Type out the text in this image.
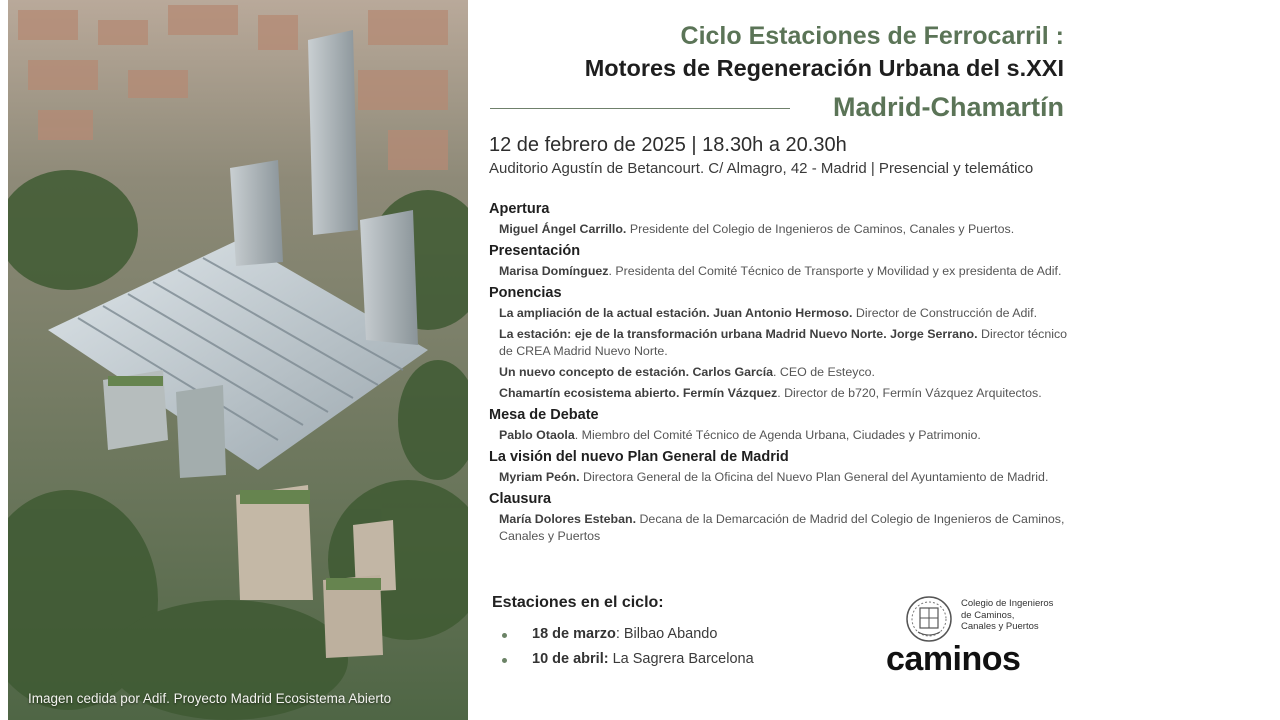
Imagen cedida por Adif. Proyecto Madrid Ecosistema Abierto
Ciclo Estaciones de Ferrocarril :
Motores de Regeneración Urbana del s.XXI
Madrid-Chamartín
12 de febrero de 2025 | 18.30h a 20.30h
Auditorio Agustín de Betancourt. C/ Almagro, 42 - Madrid | Presencial y telemático
Apertura
Miguel Ángel Carrillo. Presidente del Colegio de Ingenieros de Caminos, Canales y Puertos.
Presentación
Marisa Domínguez. Presidenta del Comité Técnico de Transporte y Movilidad y ex presidenta de Adif.
Ponencias
La ampliación de la actual estación. Juan Antonio Hermoso. Director de Construcción de Adif.
La estación: eje de la transformación urbana Madrid Nuevo Norte. Jorge Serrano. Director técnico de CREA Madrid Nuevo Norte.
Un nuevo concepto de estación. Carlos García. CEO de Esteyco.
Chamartín ecosistema abierto. Fermín Vázquez. Director de b720, Fermín Vázquez Arquitectos.
Mesa de Debate
Pablo Otaola. Miembro del Comité Técnico de Agenda Urbana, Ciudades y Patrimonio.
La visión del nuevo Plan General de Madrid
Myriam Peón. Directora General de la Oficina del Nuevo Plan General del Ayuntamiento de Madrid.
Clausura
María Dolores Esteban. Decana de la Demarcación de Madrid del Colegio de Ingenieros de Caminos, Canales y Puertos
Estaciones en el ciclo:
18 de marzo: Bilbao Abando
10 de abril: La Sagrera Barcelona
Colegio de Ingenieros
de Caminos,
Canales y Puertos
caminos
